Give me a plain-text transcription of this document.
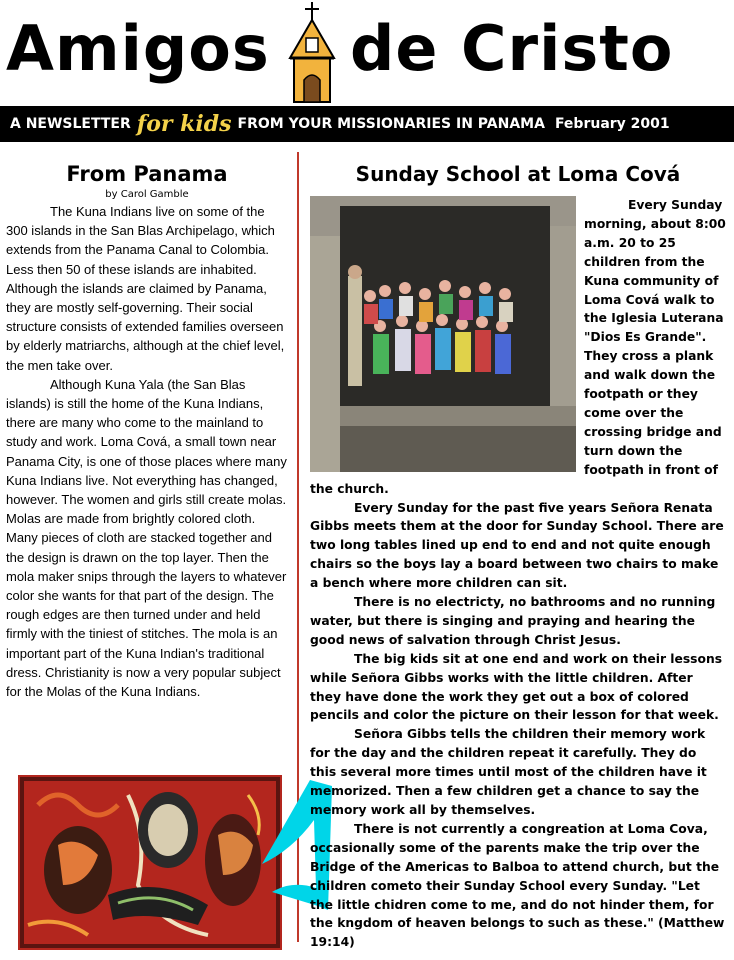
Amigos de Cristo
A NEWSLETTER for kids FROM YOUR MISSIONARIES IN PANAMA February 2001
From Panama
by Carol Gamble

The Kuna Indians live on some of the 300 islands in the San Blas Archipelago, which extends from the Panama Canal to Colombia. Less then 50 of these islands are inhabited. Although the islands are claimed by Panama, they are mostly self-governing. Their social structure consists of extended families overseen by elderly matriarchs, although at the chief level, the men take over.

Although Kuna Yala (the San Blas islands) is still the home of the Kuna Indians, there are many who come to the mainland to study and work. Loma Cová, a small town near Panama City, is one of those places where many Kuna Indians live. Not everything has changed, however. The women and girls still create molas. Molas are made from brightly colored cloth. Many pieces of cloth are stacked together and the design is drawn on the top layer. Then the mola maker snips through the layers to whatever color she wants for that part of the design. The rough edges are then turned under and held firmly with the tiniest of stitches. The mola is an important part of the Kuna Indian's traditional dress. Christianity is now a very popular subject for the Molas of the Kuna Indians.

Sunday School at Loma Cová

Every Sunday morning, about 8:00 a.m. 20 to 25 children from the Kuna community of Loma Cová walk to the Iglesia Luterana "Dios Es Grande". They cross a plank and walk down the footpath or they come over the crossing bridge and turn down the footpath in front of the church.

Every Sunday for the past five years Señora Renata Gibbs meets them at the door for Sunday School. There are two long tables lined up end to end and not quite enough chairs so the boys lay a board between two chairs to make a bench where more children can sit.

There is no electricty, no bathrooms and no running water, but there is singing and praying and hearing the good news of salvation through Christ Jesus.

The big kids sit at one end and work on their lessons while Señora Gibbs works with the little children. After they have done the work they get out a box of colored pencils and color the picture on their lesson for that week.

Señora Gibbs tells the children their memory work for the day and the children repeat it carefully. They do this several more times until most of the children have it memorized. Then a few children get a chance to say the memory work all by themselves.

There is not currently a congreation at Loma Cova, occasionally some of the parents make the trip over the Bridge of the Americas to Balboa to attend church, but the children cometo their Sunday School every Sunday. "Let the little chidren come to me, and do not hinder them, for the kngdom of heaven belongs to such as these." (Matthew 19:14)
